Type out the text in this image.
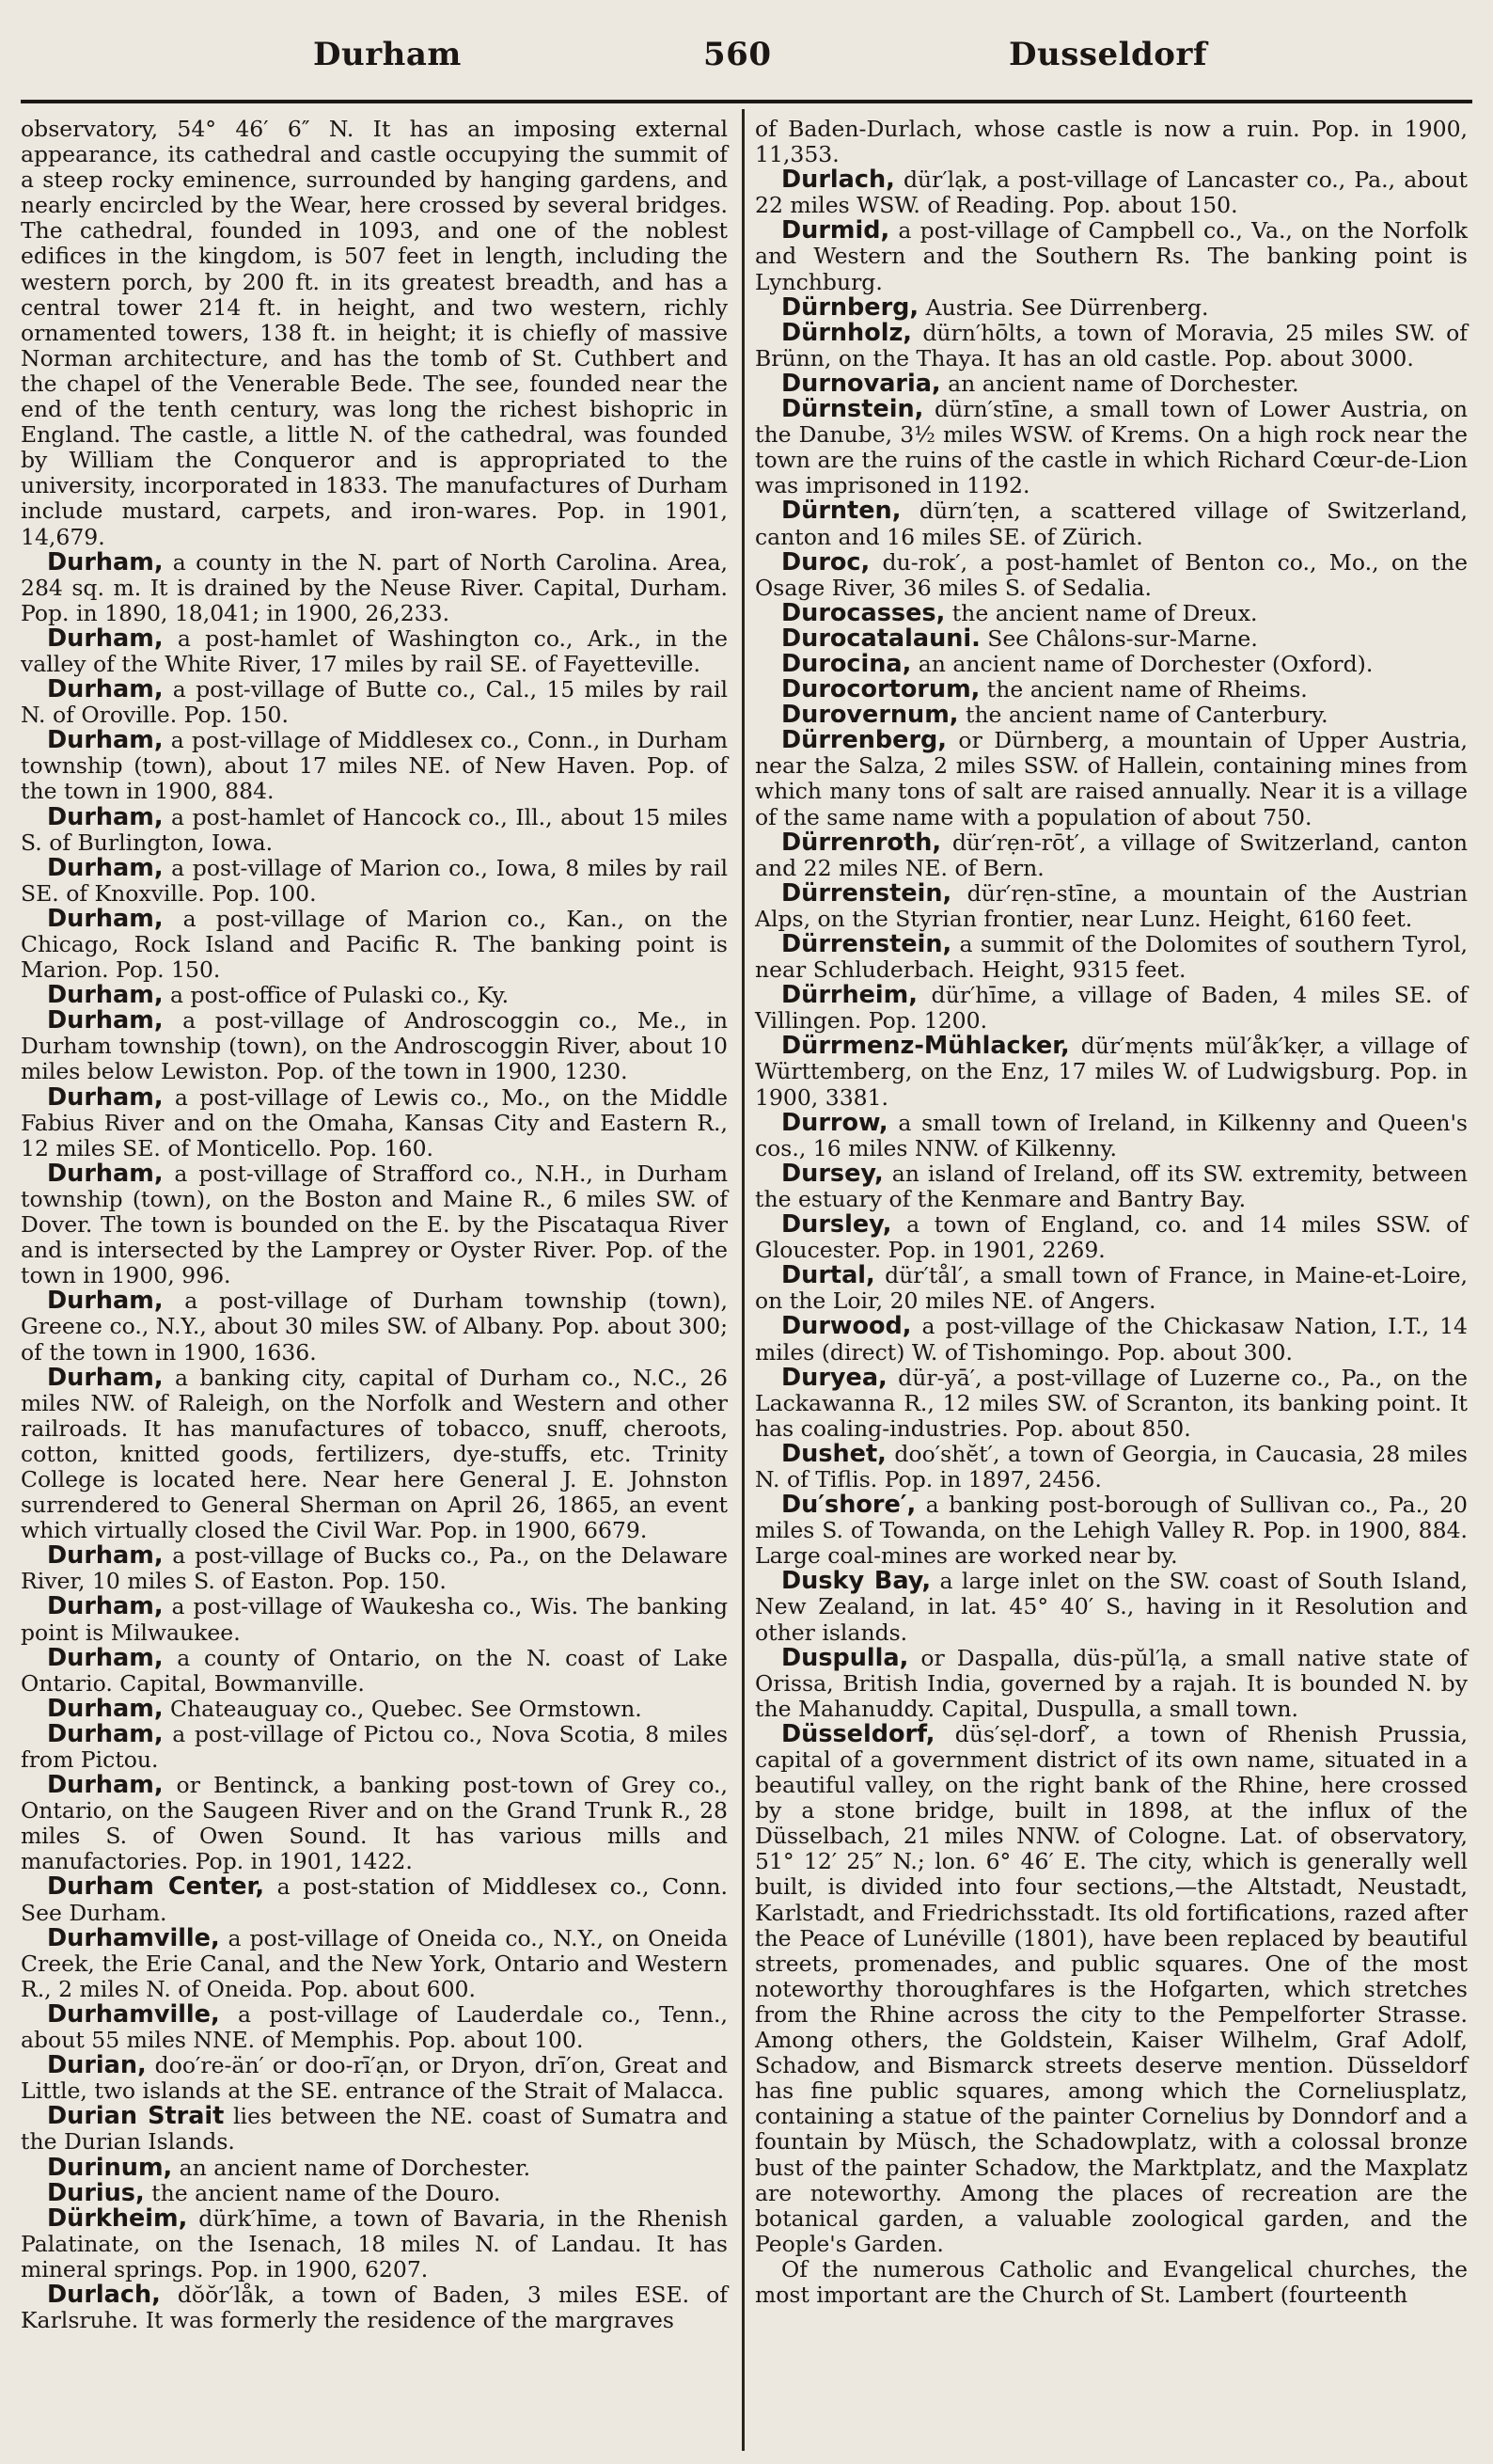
Durham	560	Dusseldorf

observatory, 54° 46′ 6″ N. It has an imposing external appearance, its cathedral and castle occupying the summit of a steep rocky eminence, surrounded by hanging gardens, and nearly encircled by the Wear, here crossed by several bridges. The cathedral, founded in 1093, and one of the noblest edifices in the kingdom, is 507 feet in length, including the western porch, by 200 ft. in its greatest breadth, and has a central tower 214 ft. in height, and two western, richly ornamented towers, 138 ft. in height; it is chiefly of massive Norman architecture, and has the tomb of St. Cuthbert and the chapel of the Venerable Bede. The see, founded near the end of the tenth century, was long the richest bishopric in England. The castle, a little N. of the cathedral, was founded by William the Conqueror and is appropriated to the university, incorporated in 1833. The manufactures of Durham include mustard, carpets, and iron-wares. Pop. in 1901, 14,679.

Durham, a county in the N. part of North Carolina. Area, 284 sq. m. It is drained by the Neuse River. Capital, Durham. Pop. in 1890, 18,041; in 1900, 26,233.

Durham, a post-hamlet of Washington co., Ark., in the valley of the White River, 17 miles by rail SE. of Fayetteville.

Durham, a post-village of Butte co., Cal., 15 miles by rail N. of Oroville. Pop. 150.

Durham, a post-village of Middlesex co., Conn., in Durham township (town), about 17 miles NE. of New Haven. Pop. of the town in 1900, 884.

Durham, a post-hamlet of Hancock co., Ill., about 15 miles S. of Burlington, Iowa.

Durham, a post-village of Marion co., Iowa, 8 miles by rail SE. of Knoxville. Pop. 100.

Durham, a post-village of Marion co., Kan., on the Chicago, Rock Island and Pacific R. The banking point is Marion. Pop. 150.

Durham, a post-office of Pulaski co., Ky.

Durham, a post-village of Androscoggin co., Me., in Durham township (town), on the Androscoggin River, about 10 miles below Lewiston. Pop. of the town in 1900, 1230.

Durham, a post-village of Lewis co., Mo., on the Middle Fabius River and on the Omaha, Kansas City and Eastern R., 12 miles SE. of Monticello. Pop. 160.

Durham, a post-village of Strafford co., N.H., in Durham township (town), on the Boston and Maine R., 6 miles SW. of Dover. The town is bounded on the E. by the Piscataqua River and is intersected by the Lamprey or Oyster River. Pop. of the town in 1900, 996.

Durham, a post-village of Durham township (town), Greene co., N.Y., about 30 miles SW. of Albany. Pop. about 300; of the town in 1900, 1636.

Durham, a banking city, capital of Durham co., N.C., 26 miles NW. of Raleigh, on the Norfolk and Western and other railroads. It has manufactures of tobacco, snuff, cheroots, cotton, knitted goods, fertilizers, dye-stuffs, etc. Trinity College is located here. Near here General J. E. Johnston surrendered to General Sherman on April 26, 1865, an event which virtually closed the Civil War. Pop. in 1900, 6679.

Durham, a post-village of Bucks co., Pa., on the Delaware River, 10 miles S. of Easton. Pop. 150.

Durham, a post-village of Waukesha co., Wis. The banking point is Milwaukee.

Durham, a county of Ontario, on the N. coast of Lake Ontario. Capital, Bowmanville.

Durham, Chateauguay co., Quebec. See Ormstown.

Durham, a post-village of Pictou co., Nova Scotia, 8 miles from Pictou.

Durham, or Bentinck, a banking post-town of Grey co., Ontario, on the Saugeen River and on the Grand Trunk R., 28 miles S. of Owen Sound. It has various mills and manufactories. Pop. in 1901, 1422.

Durham Center, a post-station of Middlesex co., Conn. See Durham.

Durhamville, a post-village of Oneida co., N.Y., on Oneida Creek, the Erie Canal, and the New York, Ontario and Western R., 2 miles N. of Oneida. Pop. about 600.

Durhamville, a post-village of Lauderdale co., Tenn., about 55 miles NNE. of Memphis. Pop. about 100.

Durian, doo′re-än′ or doo-rī′ạn, or Dryon, drī′on, Great and Little, two islands at the SE. entrance of the Strait of Malacca.

Durian Strait lies between the NE. coast of Sumatra and the Durian Islands.

Durinum, an ancient name of Dorchester.

Durius, the ancient name of the Douro.

Dürkheim, dürk′hīme, a town of Bavaria, in the Rhenish Palatinate, on the Isenach, 18 miles N. of Landau. It has mineral springs. Pop. in 1900, 6207.

Durlach, dŏŏr′låk, a town of Baden, 3 miles ESE. of Karlsruhe. It was formerly the residence of the margraves

of Baden-Durlach, whose castle is now a ruin. Pop. in 1900, 11,353.

Durlach, dür′lạk, a post-village of Lancaster co., Pa., about 22 miles WSW. of Reading. Pop. about 150.

Durmid, a post-village of Campbell co., Va., on the Norfolk and Western and the Southern Rs. The banking point is Lynchburg.

Dürnberg, Austria. See Dürrenberg.

Dürnholz, dürn′hōlts, a town of Moravia, 25 miles SW. of Brünn, on the Thaya. It has an old castle. Pop. about 3000.

Durnovaria, an ancient name of Dorchester.

Dürnstein, dürn′stīne, a small town of Lower Austria, on the Danube, 3½ miles WSW. of Krems. On a high rock near the town are the ruins of the castle in which Richard Cœur-de-Lion was imprisoned in 1192.

Dürnten, dürn′tẹn, a scattered village of Switzerland, canton and 16 miles SE. of Zürich.

Duroc, du-rok′, a post-hamlet of Benton co., Mo., on the Osage River, 36 miles S. of Sedalia.

Durocasses, the ancient name of Dreux.

Durocatalauni. See Châlons-sur-Marne.

Durocina, an ancient name of Dorchester (Oxford).

Durocortorum, the ancient name of Rheims.

Durovernum, the ancient name of Canterbury.

Dürrenberg, or Dürnberg, a mountain of Upper Austria, near the Salza, 2 miles SSW. of Hallein, containing mines from which many tons of salt are raised annually. Near it is a village of the same name with a population of about 750.

Dürrenroth, dür′rẹn-rōt′, a village of Switzerland, canton and 22 miles NE. of Bern.

Dürrenstein, dür′rẹn-stīne, a mountain of the Austrian Alps, on the Styrian frontier, near Lunz. Height, 6160 feet.

Dürrenstein, a summit of the Dolomites of southern Tyrol, near Schluderbach. Height, 9315 feet.

Dürrheim, dür′hīme, a village of Baden, 4 miles SE. of Villingen. Pop. 1200.

Dürrmenz-Mühlacker, dür′mẹnts mül′åk′kẹr, a village of Württemberg, on the Enz, 17 miles W. of Ludwigsburg. Pop. in 1900, 3381.

Durrow, a small town of Ireland, in Kilkenny and Queen's cos., 16 miles NNW. of Kilkenny.

Dursey, an island of Ireland, off its SW. extremity, between the estuary of the Kenmare and Bantry Bay.

Dursley, a town of England, co. and 14 miles SSW. of Gloucester. Pop. in 1901, 2269.

Durtal, dür′tål′, a small town of France, in Maine-et-Loire, on the Loir, 20 miles NE. of Angers.

Durwood, a post-village of the Chickasaw Nation, I.T., 14 miles (direct) W. of Tishomingo. Pop. about 300.

Duryea, dür-yā′, a post-village of Luzerne co., Pa., on the Lackawanna R., 12 miles SW. of Scranton, its banking point. It has coaling-industries. Pop. about 850.

Dushet, doo′shĕt′, a town of Georgia, in Caucasia, 28 miles N. of Tiflis. Pop. in 1897, 2456.

Du′shore′, a banking post-borough of Sullivan co., Pa., 20 miles S. of Towanda, on the Lehigh Valley R. Pop. in 1900, 884. Large coal-mines are worked near by.

Dusky Bay, a large inlet on the SW. coast of South Island, New Zealand, in lat. 45° 40′ S., having in it Resolution and other islands.

Duspulla, or Daspalla, düs-pŭl′lạ, a small native state of Orissa, British India, governed by a rajah. It is bounded N. by the Mahanuddy. Capital, Duspulla, a small town.

Düsseldorf, düs′sẹl-dorf′, a town of Rhenish Prussia, capital of a government district of its own name, situated in a beautiful valley, on the right bank of the Rhine, here crossed by a stone bridge, built in 1898, at the influx of the Düsselbach, 21 miles NNW. of Cologne. Lat. of observatory, 51° 12′ 25″ N.; lon. 6° 46′ E. The city, which is generally well built, is divided into four sections,—the Altstadt, Neustadt, Karlstadt, and Friedrichsstadt. Its old fortifications, razed after the Peace of Lunéville (1801), have been replaced by beautiful streets, promenades, and public squares. One of the most noteworthy thoroughfares is the Hofgarten, which stretches from the Rhine across the city to the Pempelforter Strasse. Among others, the Goldstein, Kaiser Wilhelm, Graf Adolf, Schadow, and Bismarck streets deserve mention. Düsseldorf has fine public squares, among which the Corneliusplatz, containing a statue of the painter Cornelius by Donndorf and a fountain by Müsch, the Schadowplatz, with a colossal bronze bust of the painter Schadow, the Marktplatz, and the Maxplatz are noteworthy. Among the places of recreation are the botanical garden, a valuable zoological garden, and the People's Garden.

Of the numerous Catholic and Evangelical churches, the most important are the Church of St. Lambert (fourteenth
